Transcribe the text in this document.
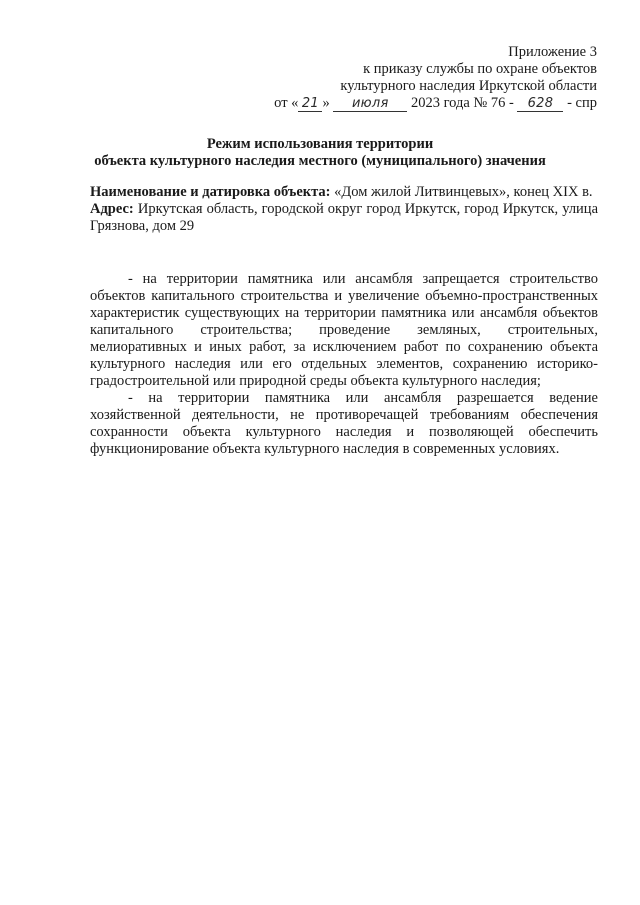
Приложение 3
к приказу службы по охране объектов
культурного наследия Иркутской области
от « 21 » июля 2023 года № 76 - 628 - спр
Режим использования территории
объекта культурного наследия местного (муниципального) значения

Наименование и датировка объекта: «Дом жилой Литвинцевых», конец XIX в.

Адрес: Иркутская область, городской округ город Иркутск, город Иркутск, улица Грязнова, дом 29

- на территории памятника или ансамбля запрещается строительство объектов капитального строительства и увеличение объемно-пространственных характеристик существующих на территории памятника или ансамбля объектов капитального строительства; проведение земляных, строительных, мелиоративных и иных работ, за исключением работ по сохранению объекта культурного наследия или его отдельных элементов, сохранению историко-градостроительной или природной среды объекта культурного наследия;

- на территории памятника или ансамбля разрешается ведение хозяйственной деятельности, не противоречащей требованиям обеспечения сохранности объекта культурного наследия и позволяющей обеспечить функционирование объекта культурного наследия в современных условиях.
